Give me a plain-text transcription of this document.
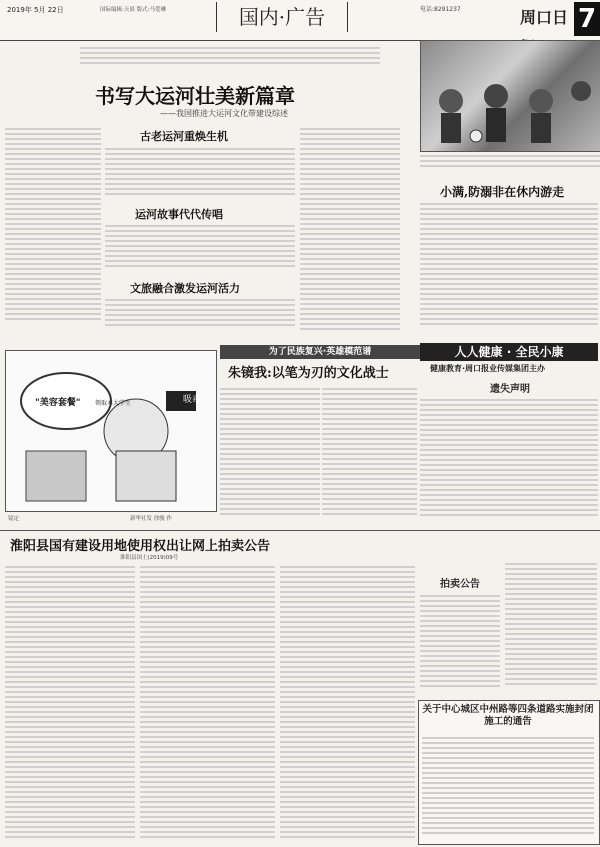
2019年 5月 22日	国际编辑:天晨 版式:马爱琳	国内·广告	电话:8291237	周口日 7
书写大运河壮美新篇章
——我国推进大运河文化带建设综述
古老运河重焕生机
运河故事代代传唱
文旅融合激发运河活力
小满,防溺非在休内游走
人人健康 · 全民小康
健康教育·周口报业传媒集团主办
"美容套餐" 领取本大学生	吸毒
镜定	新华社发 徐骏 作
为了民族复兴·英雄模范谱
朱镜我:以笔为刃的文化战士
遗失声明
淮阳县国有建设用地使用权出让网上拍卖公告
淮阳县国土(2019)09号
拍卖公告
关于中心城区中州路等四条道路实施封闭施工的通告
